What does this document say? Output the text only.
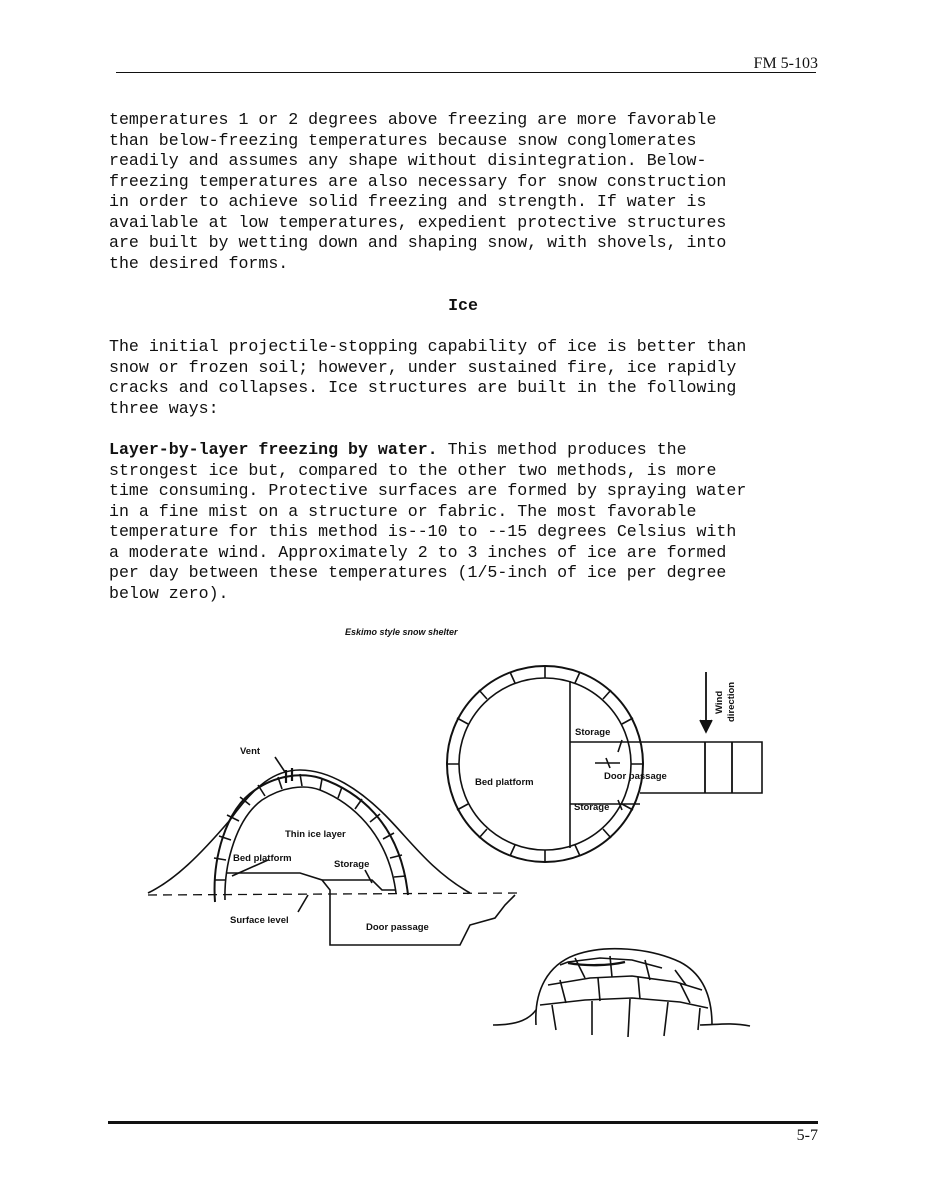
FM 5-103
temperatures 1 or 2 degrees above freezing are more favorable
than below-freezing temperatures because snow conglomerates
readily and assumes any shape without disintegration. Below-
freezing temperatures are also necessary for snow construction
in order to achieve solid freezing and strength. If water is
available at low temperatures, expedient protective structures
are built by wetting down and shaping snow, with shovels, into
the desired forms.
Ice
The initial projectile-stopping capability of ice is better than
snow or frozen soil; however, under sustained fire, ice rapidly
cracks and collapses. Ice structures are built in the following
three ways:
Layer-by-layer freezing by water. This method produces the
strongest ice but, compared to the other two methods, is more
time consuming. Protective surfaces are formed by spraying water
in a fine mist on a structure or fabric. The most favorable
temperature for this method is--10 to --15 degrees Celsius with
a moderate wind. Approximately 2 to 3 inches of ice are formed
per day between these temperatures (1/5-inch of ice per degree
below zero).
Eskimo style snow shelter
Vent
Thin ice layer
Bed platform
Storage
Surface level
Door passage
Storage
Bed platform
Door passage
Storage
Wind direction
5-7
